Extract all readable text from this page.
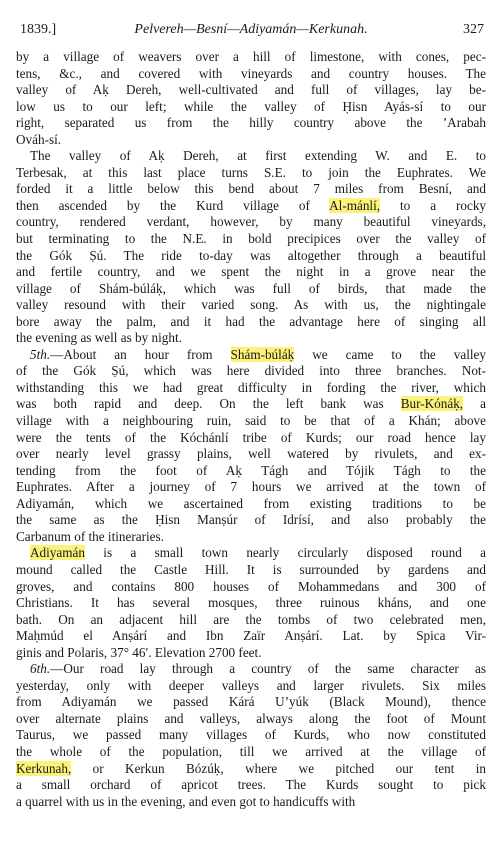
1839.]	Pelvereh—Besní—Adiyamán—Kerkunah.	327
by a village of weavers over a hill of limestone, with cones, pec-
tens, &c., and covered with vineyards and country houses. The
valley of Aḳ Dereh, well-cultivated and full of villages, lay be-
low us to our left; while the valley of Ḥisn Ayás-sí to our
right, separated us from the hilly country above the ’Arabah
Ováh-sí.
The valley of Aḳ Dereh, at first extending W. and E. to
Terbesak, at this last place turns S.E. to join the Euphrates. We
forded it a little below this bend about 7 miles from Besní, and
then ascended by the Kurd village of Al-mánlí, to a rocky
country, rendered verdant, however, by many beautiful vineyards,
but terminating to the N.E. in bold precipices over the valley of
the Gók Ṣú. The ride to-day was altogether through a beautiful
and fertile country, and we spent the night in a grove near the
village of Shám-búláḳ, which was full of birds, that made the
valley resound with their varied song. As with us, the nightingale
bore away the palm, and it had the advantage here of singing all
the evening as well as by night.
5th.—About an hour from Shám-búláḳ we came to the valley
of the Gók Ṣú, which was here divided into three branches. Not-
withstanding this we had great difficulty in fording the river, which
was both rapid and deep. On the left bank was Bur-Kónáḳ, a
village with a neighbouring ruin, said to be that of a Khán; above
were the tents of the Kóchánlí tribe of Kurds; our road hence lay
over nearly level grassy plains, well watered by rivulets, and ex-
tending from the foot of Aḳ Tágh and Tójik Tágh to the
Euphrates. After a journey of 7 hours we arrived at the town of
Adiyamán, which we ascertained from existing traditions to be
the same as the Ḥisn Manṣúr of Idrísí, and also probably the
Carbanum of the itineraries.
Adiyamán is a small town nearly circularly disposed round a
mound called the Castle Hill. It is surrounded by gardens and
groves, and contains 800 houses of Mohammedans and 300 of
Christians. It has several mosques, three ruinous kháns, and one
bath. On an adjacent hill are the tombs of two celebrated men,
Maḥmúd el Anṣárí and Ibn Zaïr Anṣárí. Lat. by Spica Vir-
ginis and Polaris, 37° 46′. Elevation 2700 feet.
6th.—Our road lay through a country of the same character as
yesterday, only with deeper valleys and larger rivulets. Six miles
from Adiyamán we passed Kárá U’yúk (Black Mound), thence
over alternate plains and valleys, always along the foot of Mount
Taurus, we passed many villages of Kurds, who now constituted
the whole of the population, till we arrived at the village of
Kerkunah, or Kerkun Bózúḳ, where we pitched our tent in
a small orchard of apricot trees. The Kurds sought to pick
a quarrel with us in the evening, and even got to handicuffs with
